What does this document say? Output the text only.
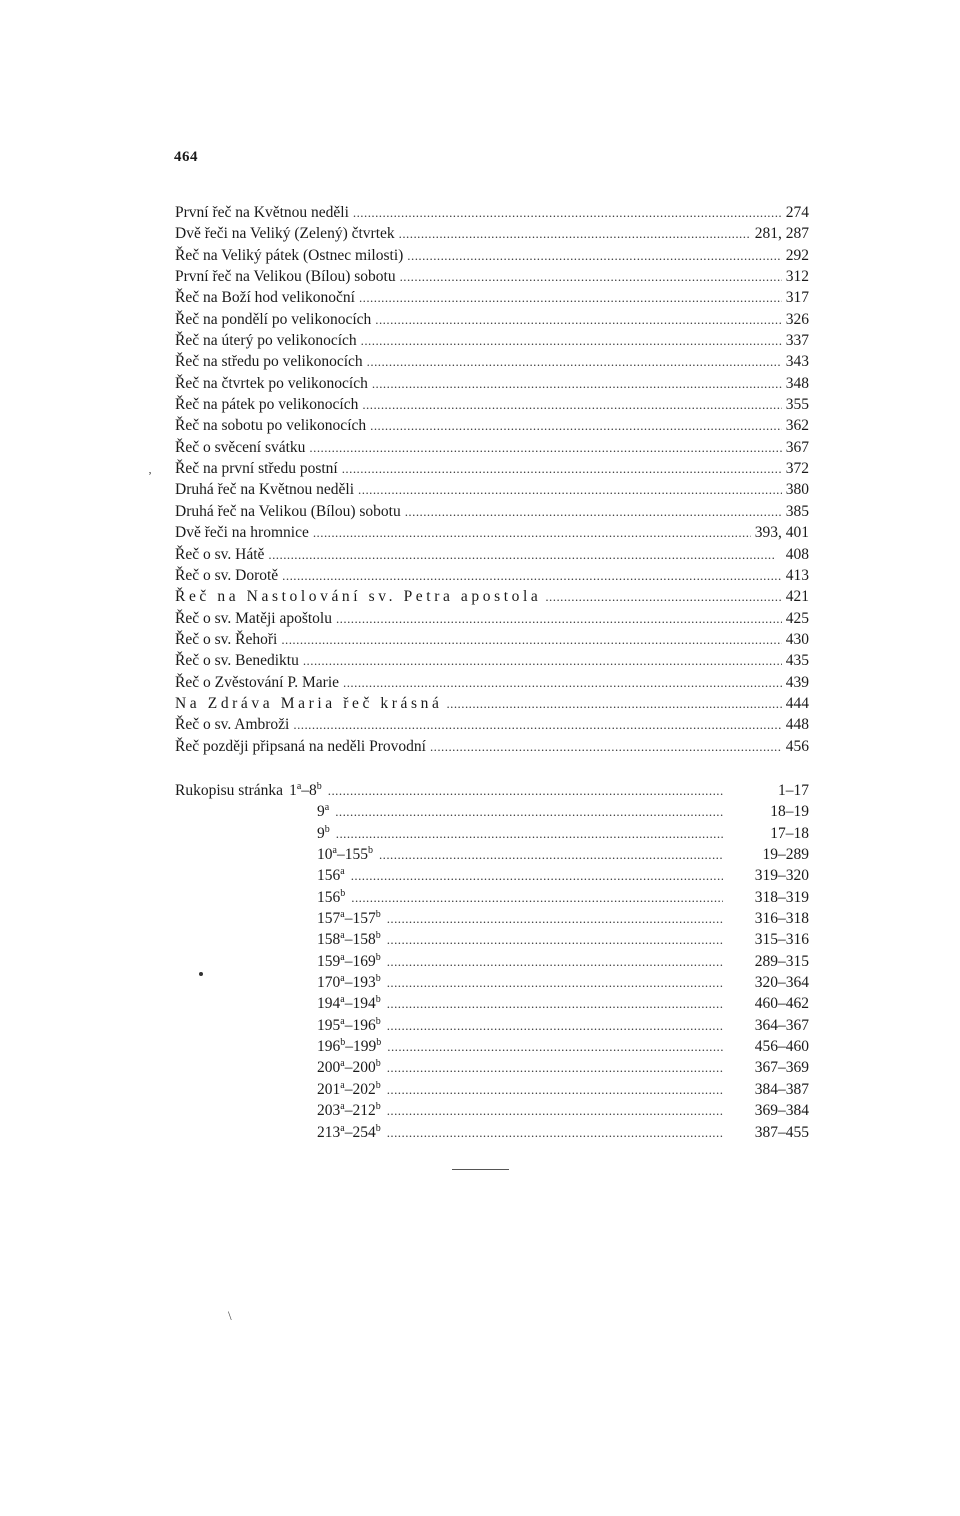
464
‚
První řeč na Květnou neděli . . .	274
Dvě řeči na Veliký (Zelený) čtvrtek . . .	281, 287
Řeč na Veliký pátek (Ostnec milosti) . . .	292
První řeč na Velikou (Bílou) sobotu . . .	312
Řeč na Boží hod velikonoční . . .	317
Řeč na pondělí po velikonocích . . .	326
Řeč na úterý po velikonocích . . .	337
Řeč na středu po velikonocích . . .	343
Řeč na čtvrtek po velikonocích . . .	348
Řeč na pátek po velikonocích . . .	355
Řeč na sobotu po velikonocích . . .	362
Řeč o svěcení svátku . . .	367
Řeč na první středu postní . . .	372
Druhá řeč na Květnou neděli . . .	380
Druhá řeč na Velikou (Bílou) sobotu . . .	385
Dvě řeči na hromnice . . .	393, 401
Řeč o sv. Hátě . . .	408
Řeč o sv. Dorotě . . .	413
Řeč na Nastolování sv. Petra apostola . . .	421
Řeč o sv. Matěji apoštolu . . .	425
Řeč o sv. Řehoři . . .	430
Řeč o sv. Benediktu . . .	435
Řeč o Zvěstování P. Marie . . .	439
Na Zdráva Maria řeč krásná . . .	444
Řeč o sv. Ambroži . . .	448
Řeč později připsaná na neděli Provodní . . .	456
Rukopisu stránka 1$^a$–8$^b$ . . .	1–17
9$^a$ . . .	18–19
9$^b$ . . .	17–18
10$^a$–155$^b$ . . .	19–289
156$^a$ . . .	319–320
156$^b$ . . .	318–319
157$^a$–157$^b$ . . .	316–318
158$^a$–158$^b$ . . .	315–316
159$^a$–169$^b$ . . .	289–315
170$^a$–193$^b$ . . .	320–364
194$^a$–194$^b$ . . .	460–462
195$^a$–196$^b$ . . .	364–367
196$^b$–199$^b$ . . .	456–460
200$^a$–200$^b$ . . .	367–369
201$^a$–202$^b$ . . .	384–387
203$^a$–212$^b$ . . .	369–384
213$^a$–254$^b$ . . .	387–455
\
